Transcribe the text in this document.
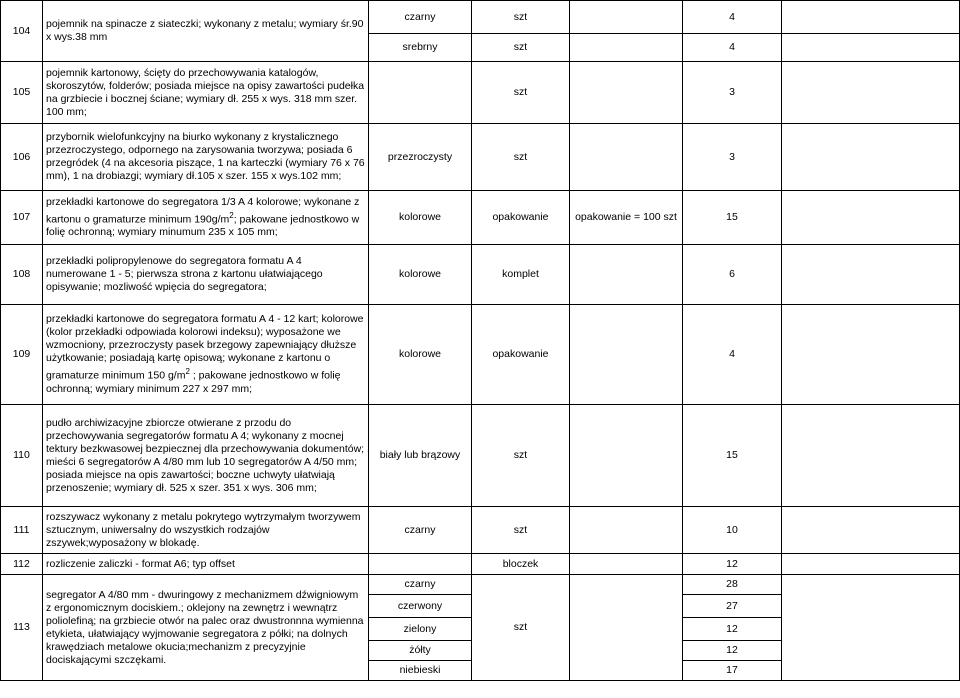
104	pojemnik na spinacze z siateczki; wykonany z metalu; wymiary śr.90 x wys.38 mm	czarny	szt		4	
		srebrny	szt		4	
105	pojemnik kartonowy, ścięty do przechowywania katalogów, skoroszytów, folderów; posiada miejsce na opisy zawartości pudełka na grzbiecie i bocznej ściane; wymiary dł. 255 x wys. 318 mm szer. 100 mm;		szt		3	
106	przybornik wielofunkcyjny na biurko wykonany z krystalicznego przezroczystego, odpornego na zarysowania tworzywa; posiada 6 przegródek (4 na akcesoria piszące, 1 na karteczki (wymiary 76 x 76 mm), 1 na drobiazgi; wymiary dł.105 x szer. 155 x wys.102 mm;	przezroczysty	szt		3	
107	przekładki kartonowe do segregatora 1/3 A 4 kolorowe; wykonane z kartonu o gramaturze minimum $190g/m^2$; pakowane jednostkowo w folię ochronną; wymiary minumum 235 x 105 mm;	kolorowe	opakowanie	opakowanie = 100 szt	15	
108	przekładki polipropylenowe do segregatora formatu A 4 numerowane 1 - 5; pierwsza strona z kartonu ułatwiającego opisywanie; mozliwość wpięcia do segregatora;	kolorowe	komplet		6	
109	przekładki kartonowe do segregatora formatu A 4 - 12 kart; kolorowe (kolor przekładki odpowiada kolorowi indeksu); wyposażone we wzmocniony, przezroczysty pasek brzegowy zapewniający dłuższe użytkowanie; posiadają kartę opisową; wykonane z kartonu o gramaturze minimum 150 $g/m^2$ ; pakowane jednostkowo w folię ochronną; wymiary minimum 227 x 297 mm;	kolorowe	opakowanie		4	
110	pudło archiwizacyjne zbiorcze otwierane z przodu do przechowywania segregatorów formatu A 4; wykonany z mocnej tektury bezkwasowej bezpiecznej dla przechowywania dokumentów; mieści 6 segregatorów A 4/80 mm lub 10 segregatorów A 4/50 mm; posiada miejsce na opis zawartości; boczne uchwyty ułatwiają przenoszenie; wymiary dł. 525 x szer. 351 x wys. 306 mm;	biały lub brązowy	szt		15	
111	rozszywacz wykonany z metalu pokrytego wytrzymałym tworzywem sztucznym, uniwersalny do wszystkich rodzajów zszywek;wyposażony w blokadę.	czarny	szt		10	
112	rozliczenie zaliczki - format A6; typ offset		bloczek		12	
113	segregator A 4/80 mm - dwuringowy z mechanizmem dźwigniowym z ergonomicznym dociskiem.; oklejony na zewnętrz i wewnątrz polioleﬁną; na grzbiecie otwór na palec oraz dwustronnna wymienna etykieta, ułatwiający wyjmowanie segregatora z półki; na dolnych krawędziach metalowe okucia;mechanizm z precyzyjnie dociskającymi szczękami.	czarny	szt		28	
		czerwony			27	
		zielony			12	
		żółty			12	
		niebieski			17	
